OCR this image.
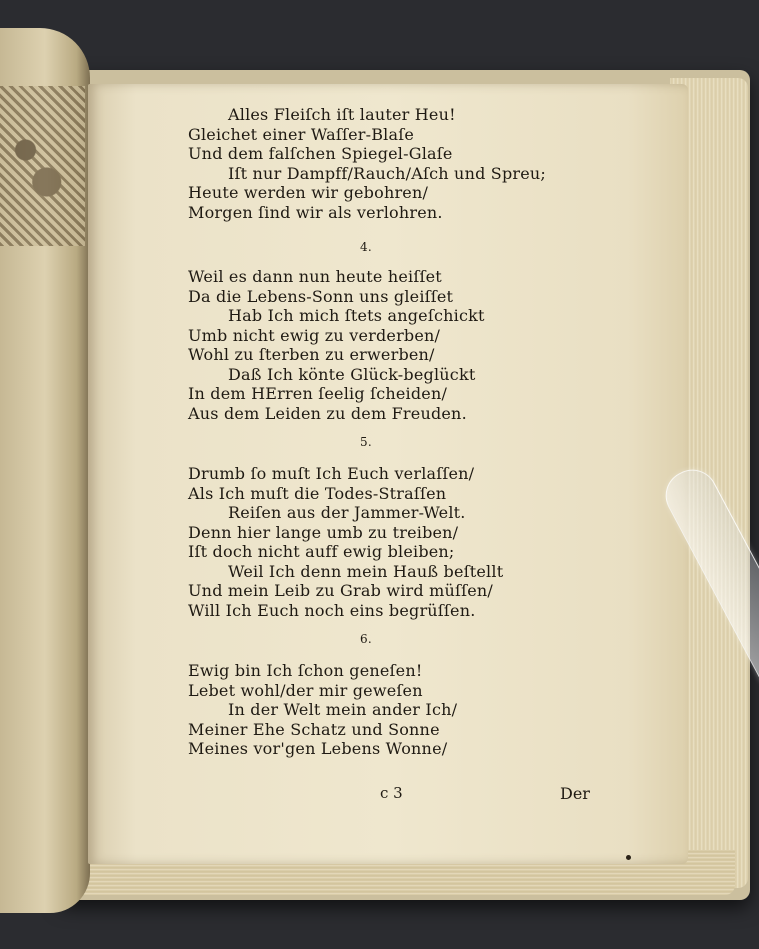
Alles Fleiſch iſt lauter Heu!
Gleichet einer Waſſer-Blaſe
Und dem falſchen Spiegel-Glaſe
Iſt nur Dampff/Rauch/Aſch und Spreu;
Heute werden wir gebohren/
Morgen ſind wir als verlohren.
4.
Weil es dann nun heute heiſſet
Da die Lebens-Sonn uns gleiſſet
Hab Ich mich ſtets angeſchickt
Umb nicht ewig zu verderben/
Wohl zu ſterben zu erwerben/
Daß Ich könte Glück-beglückt
In dem HErren ſeelig ſcheiden/
Aus dem Leiden zu dem Freuden.
5.
Drumb ſo muſt Ich Euch verlaſſen/
Als Ich muſt die Todes-Straſſen
Reiſen aus der Jammer-Welt.
Denn hier lange umb zu treiben/
Iſt doch nicht auff ewig bleiben;
Weil Ich denn mein Hauß beſtellt
Und mein Leib zu Grab wird müſſen/
Will Ich Euch noch eins begrüſſen.
6.
Ewig bin Ich ſchon geneſen!
Lebet wohl/der mir geweſen
In der Welt mein ander Ich/
Meiner Ehe Schatz und Sonne
Meines vor'gen Lebens Wonne/
c 3	Der
